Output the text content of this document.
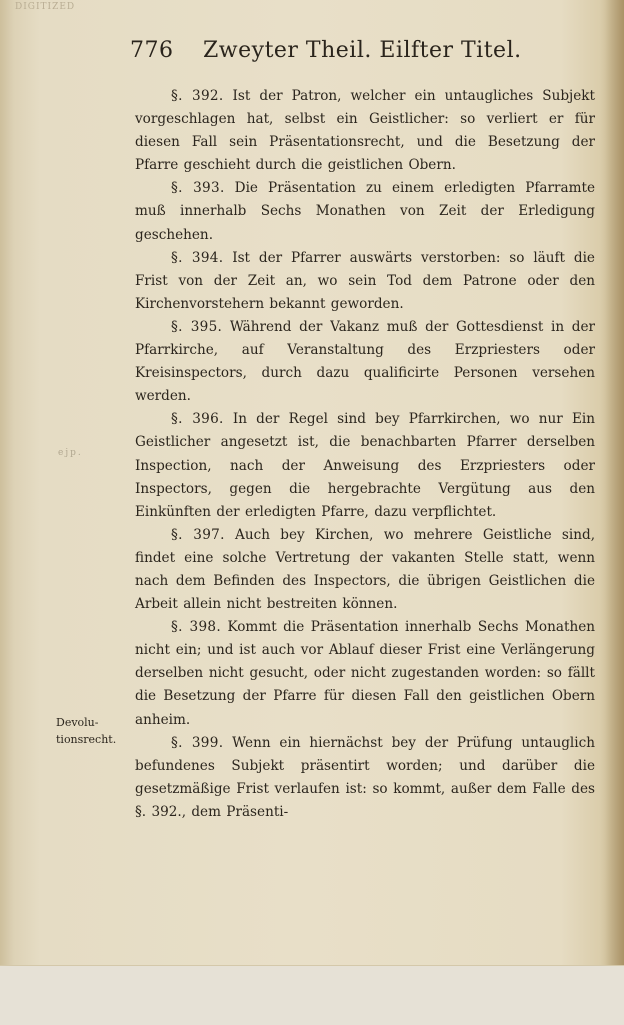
DIGITIZED
ejp.
776 Zweyter Theil. Eilfter Titel.
Devolu-
tionsrecht.

§. 392. Ist der Patron, welcher ein untaugliches Subjekt vorgeschlagen hat, selbst ein Geistlicher: so verliert er für diesen Fall sein Präsentationsrecht, und die Besetzung der Pfarre geschieht durch die geistlichen Obern.

§. 393. Die Präsentation zu einem erledigten Pfarramte muß innerhalb Sechs Monathen von Zeit der Erledigung geschehen.

§. 394. Ist der Pfarrer auswärts verstorben: so läuft die Frist von der Zeit an, wo sein Tod dem Patrone oder den Kirchenvorstehern bekannt geworden.

§. 395. Während der Vakanz muß der Gottesdienst in der Pfarrkirche, auf Veranstaltung des Erzpriesters oder Kreisinspectors, durch dazu qualificirte Personen versehen werden.

§. 396. In der Regel sind bey Pfarrkirchen, wo nur Ein Geistlicher angesetzt ist, die benachbarten Pfarrer derselben Inspection, nach der Anweisung des Erzpriesters oder Inspectors, gegen die hergebrachte Vergütung aus den Einkünften der erledigten Pfarre, dazu verpflichtet.

§. 397. Auch bey Kirchen, wo mehrere Geistliche sind, findet eine solche Vertretung der vakanten Stelle statt, wenn nach dem Befinden des Inspectors, die übrigen Geistlichen die Arbeit allein nicht bestreiten können.

§. 398. Kommt die Präsentation innerhalb Sechs Monathen nicht ein; und ist auch vor Ablauf dieser Frist eine Verlängerung derselben nicht gesucht, oder nicht zugestanden worden: so fällt die Besetzung der Pfarre für diesen Fall den geistlichen Obern anheim.

§. 399. Wenn ein hiernächst bey der Prüfung untauglich befundenes Subjekt präsentirt worden; und darüber die gesetzmäßige Frist verlaufen ist: so kommt, außer dem Falle des §. 392., dem Präsenti-
